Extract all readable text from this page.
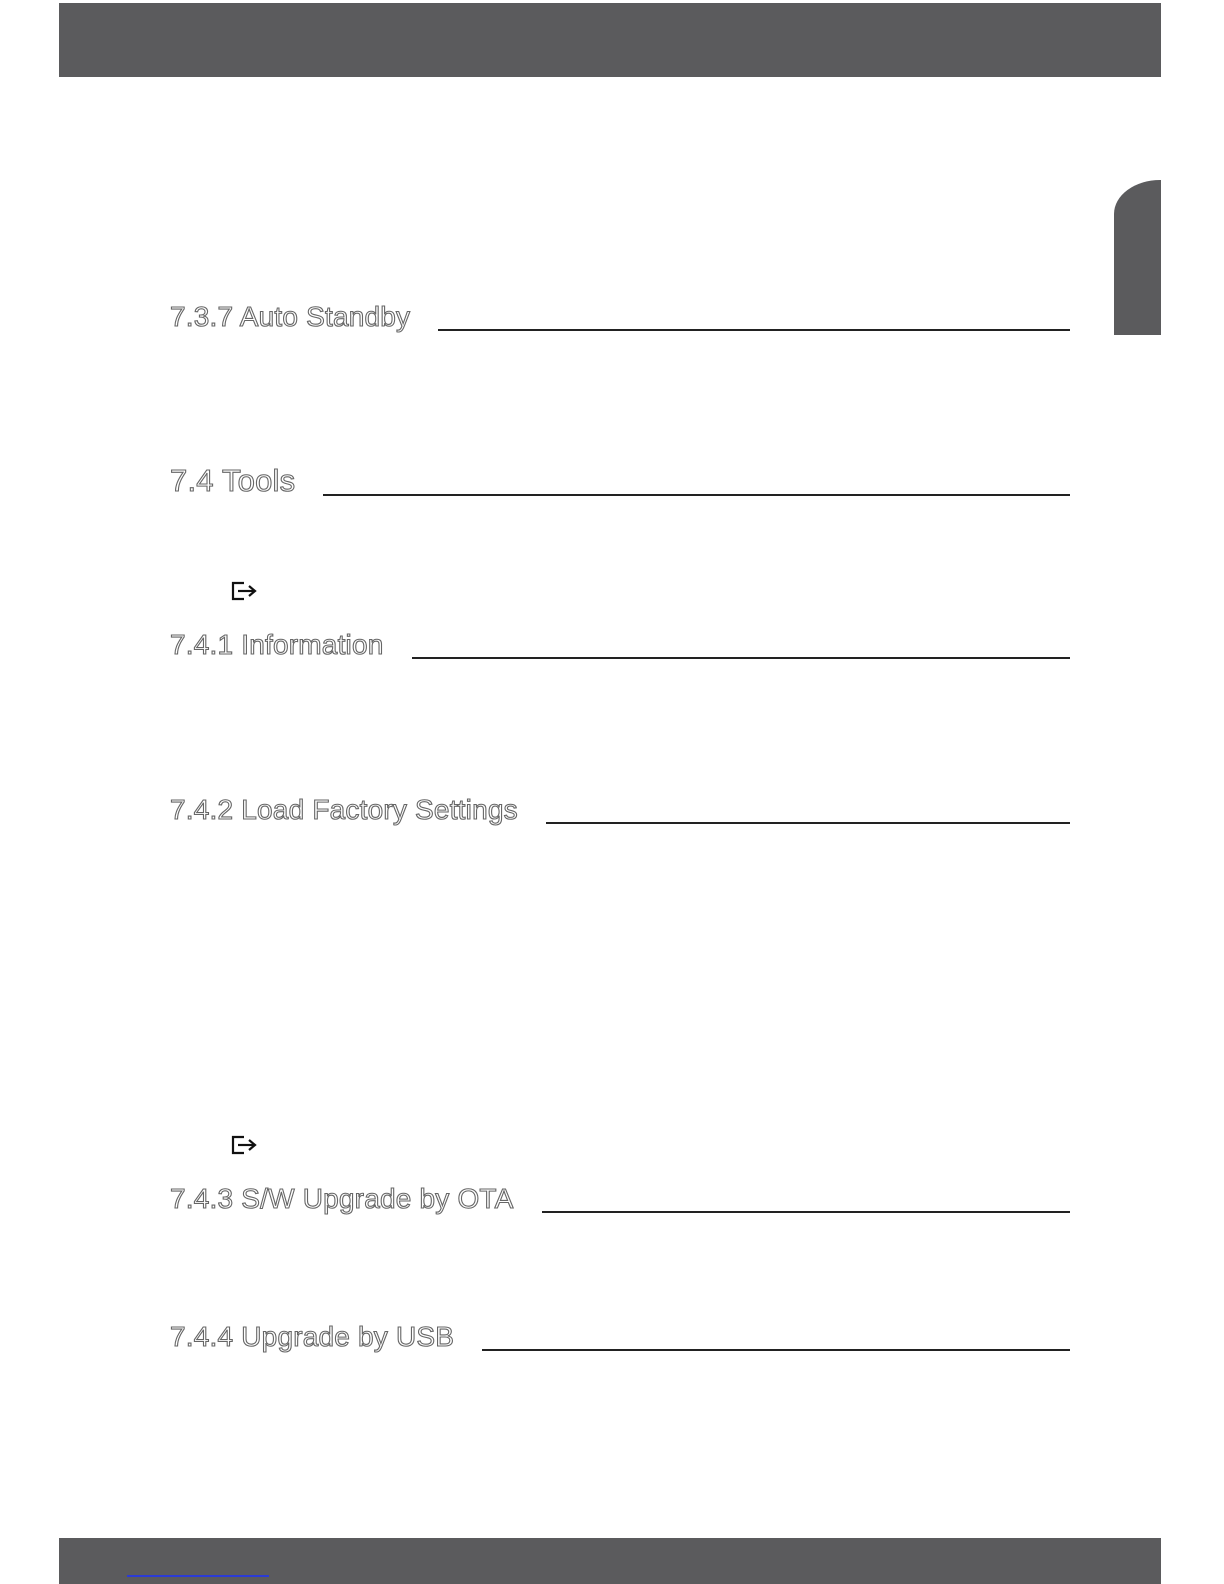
7.3.7 Auto Standby
7.4 Tools
7.4.1 Information
7.4.2 Load Factory Settings
7.4.3 S/W Upgrade by OTA
7.4.4 Upgrade by USB
